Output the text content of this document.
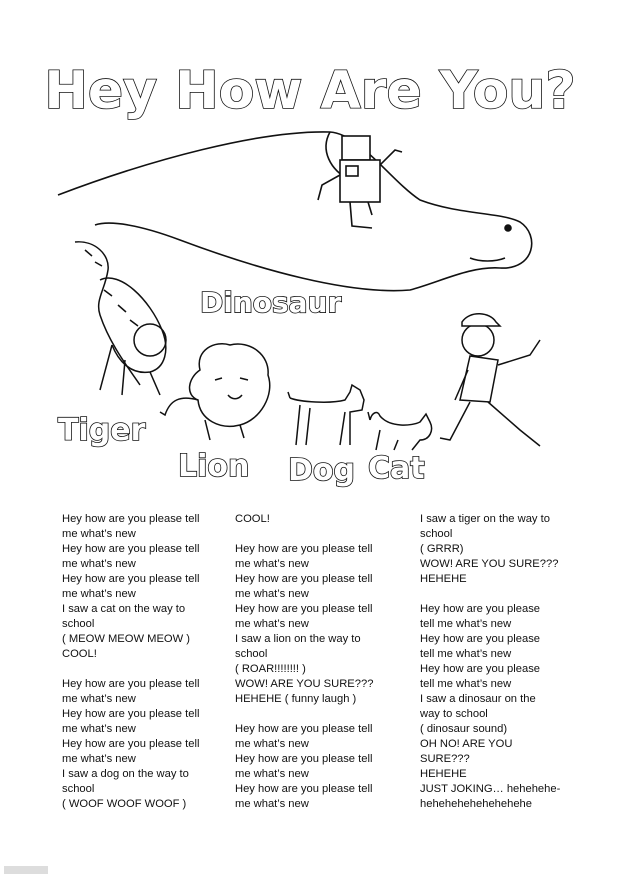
Hey How Are You?
Dinosaur
Tiger
Lion Dog Cat
Hey how are you please tell
me what’s new
Hey how are you please tell
me what’s new
Hey how are you please tell
me what’s new
I saw a cat on the way to
school
( MEOW MEOW MEOW )
COOL!
Hey how are you please tell
me what’s new
Hey how are you please tell
me what’s new
Hey how are you please tell
me what’s new
I saw a dog on the way to
school
( WOOF WOOF WOOF )
COOL!
Hey how are you please tell
me what’s new
Hey how are you please tell
me what’s new
Hey how are you please tell
me what’s new
I saw a lion on the way to
school
( ROAR!!!!!!!! )
WOW! ARE YOU SURE???
HEHEHE ( funny laugh )
Hey how are you please tell
me what’s new
Hey how are you please tell
me what’s new
Hey how are you please tell
me what’s new
I saw a tiger on the way to
school
( GRRR)
WOW! ARE YOU SURE???
HEHEHE
Hey how are you please
tell me what’s new
Hey how are you please
tell me what’s new
Hey how are you please
tell me what’s new
I saw a dinosaur on the
way to school
( dinosaur sound)
OH NO! ARE YOU SURE???
HEHEHE
JUST JOKING… hehehehe-
hehehehehehehehehe
